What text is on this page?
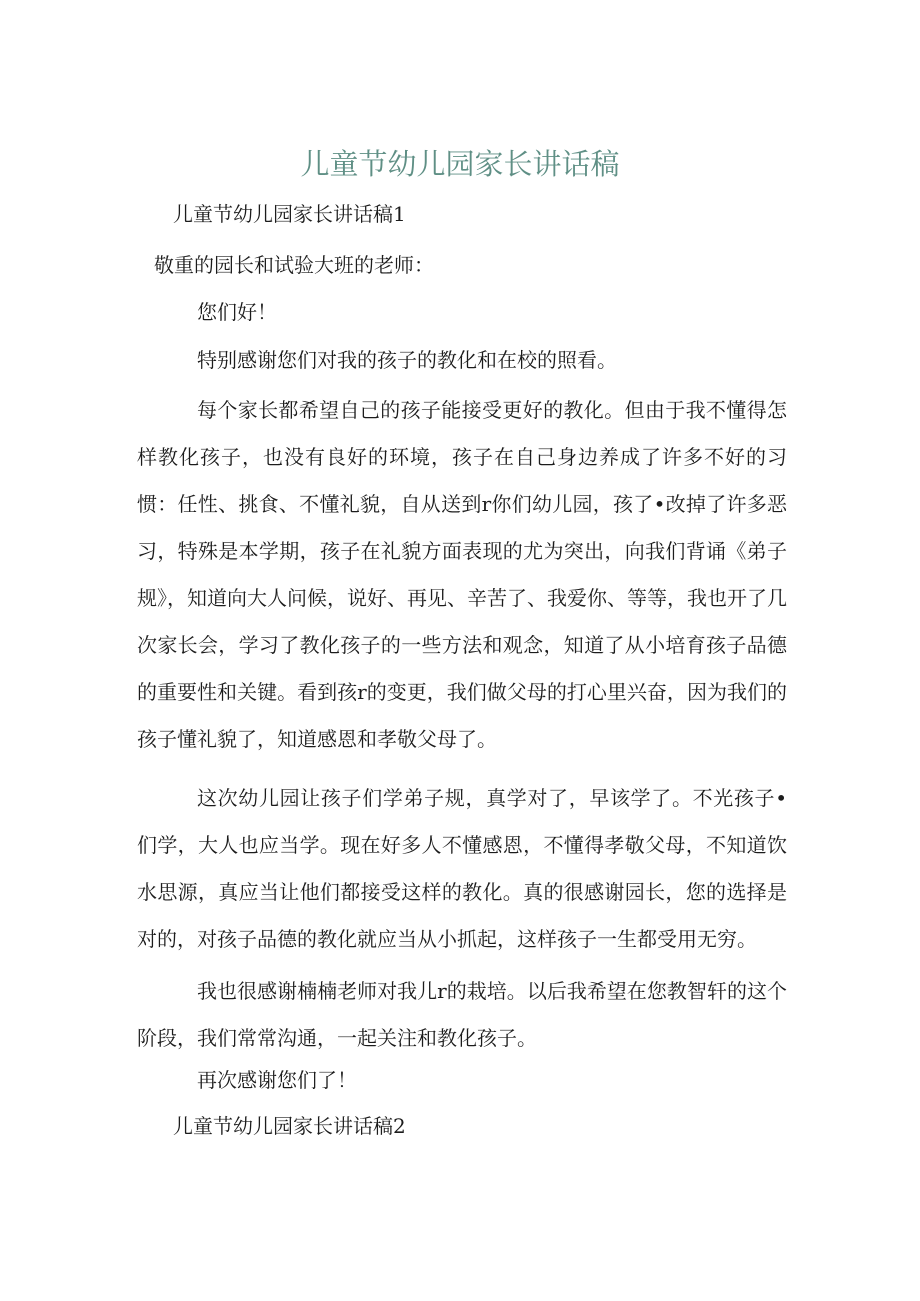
儿童节幼儿园家长讲话稿
儿童节幼儿园家长讲话稿1
敬重的园长和试验大班的老师：
您们好！
特别感谢您们对我的孩子的教化和在校的照看。
每个家长都希望自己的孩子能接受更好的教化。但由于我不懂得怎样教化孩子，也没有良好的环境，孩子在自己身边养成了许多不好的习惯：任性、挑食、不懂礼貌，自从送到r你们幼儿园，孩了•改掉了许多恶习，特殊是本学期，孩子在礼貌方面表现的尤为突出，向我们背诵《弟子规》，知道向大人问候，说好、再见、辛苦了、我爱你、等等，我也开了几次家长会，学习了教化孩子的一些方法和观念，知道了从小培育孩子品德的重要性和关键。看到孩r的变更，我们做父母的打心里兴奋，因为我们的孩子懂礼貌了，知道感恩和孝敬父母了。
这次幼儿园让孩子们学弟子规，真学对了，早该学了。不光孩子•们学，大人也应当学。现在好多人不懂感恩，不懂得孝敬父母，不知道饮水思源，真应当让他们都接受这样的教化。真的很感谢园长，您的选择是对的，对孩子品德的教化就应当从小抓起，这样孩子一生都受用无穷。
我也很感谢楠楠老师对我儿r的栽培。以后我希望在您教智轩的这个阶段，我们常常沟通，一起关注和教化孩子。
再次感谢您们了！
儿童节幼儿园家长讲话稿2
